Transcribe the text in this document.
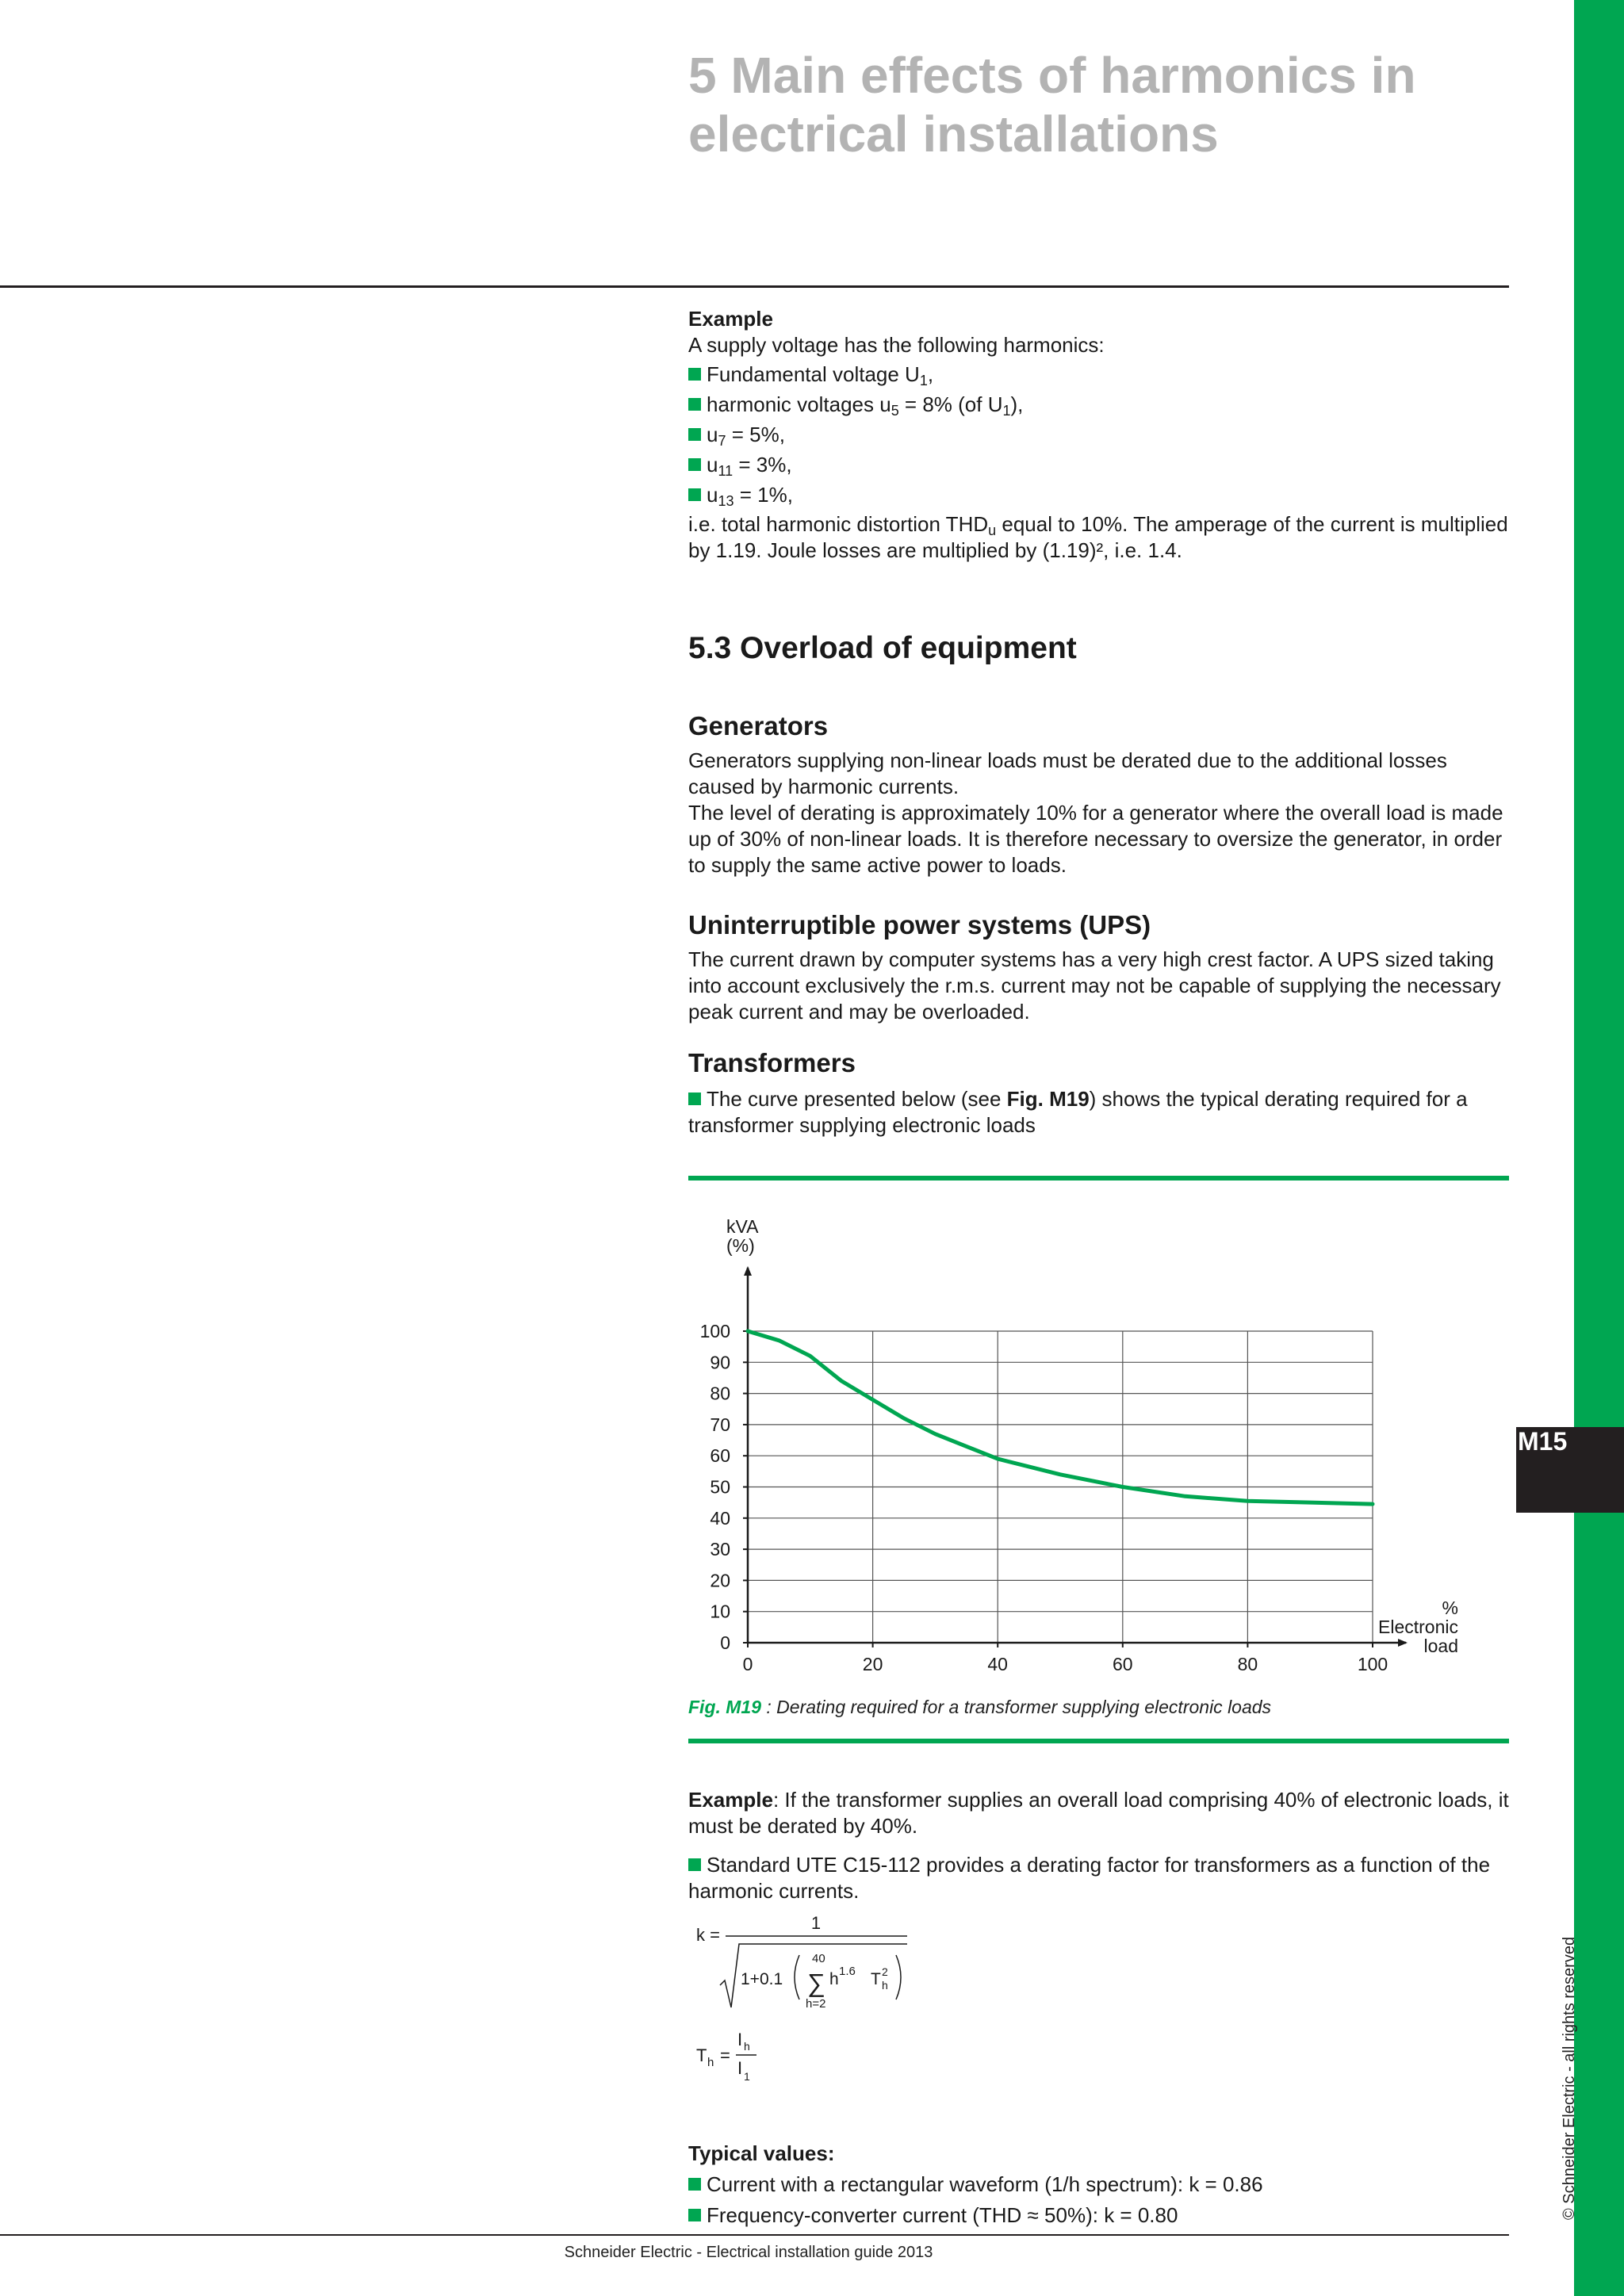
M15
© Schneider Electric - all rights reserved
5 Main effects of harmonics in electrical installations

Example

A supply voltage has the following harmonics:

Fundamental voltage $U_1$,

harmonic voltages $u_5 = 8\%$ (of $U_1$),

$u_7 = 5\%$,

$u_{11} = 3\%$,

$u_{13} = 1\%$,

i.e. total harmonic distortion $THD_u$ equal to 10%. The amperage of the current is multiplied by 1.19. Joule losses are multiplied by (1.19)², i.e. 1.4.

5.3 Overload of equipment

Generators

Generators supplying non-linear loads must be derated due to the additional losses caused by harmonic currents.

The level of derating is approximately 10% for a generator where the overall load is made up of 30% of non-linear loads. It is therefore necessary to oversize the generator, in order to supply the same active power to loads.

Uninterruptible power systems (UPS)

The current drawn by computer systems has a very high crest factor. A UPS sized taking into account exclusively the r.m.s. current may not be capable of supplying the necessary peak current and may be overloaded.

Transformers

The curve presented below (see Fig. M19) shows the typical derating required for a transformer supplying electronic loads

0
10
20
30
40
50
60
70
80
90
100
0	20	40	60	80	100
kVA
(%)
%
Electronic
load
Fig. M19 : Derating required for a transformer supplying electronic loads

Example: If the transformer supplies an overall load comprising 40% of electronic loads, it must be derated by 40%.

Standard UTE C15-112 provides a derating factor for transformers as a function of the harmonic currents.

k =
1
1+0.1
40
∑
h=2
h 1.6 T h
2
T h =
I h
I 1

Typical values:

Current with a rectangular waveform (1/h spectrum): k = 0.86

Frequency-converter current (THD ≈ 50%): k = 0.80

Schneider Electric - Electrical installation guide 2013
